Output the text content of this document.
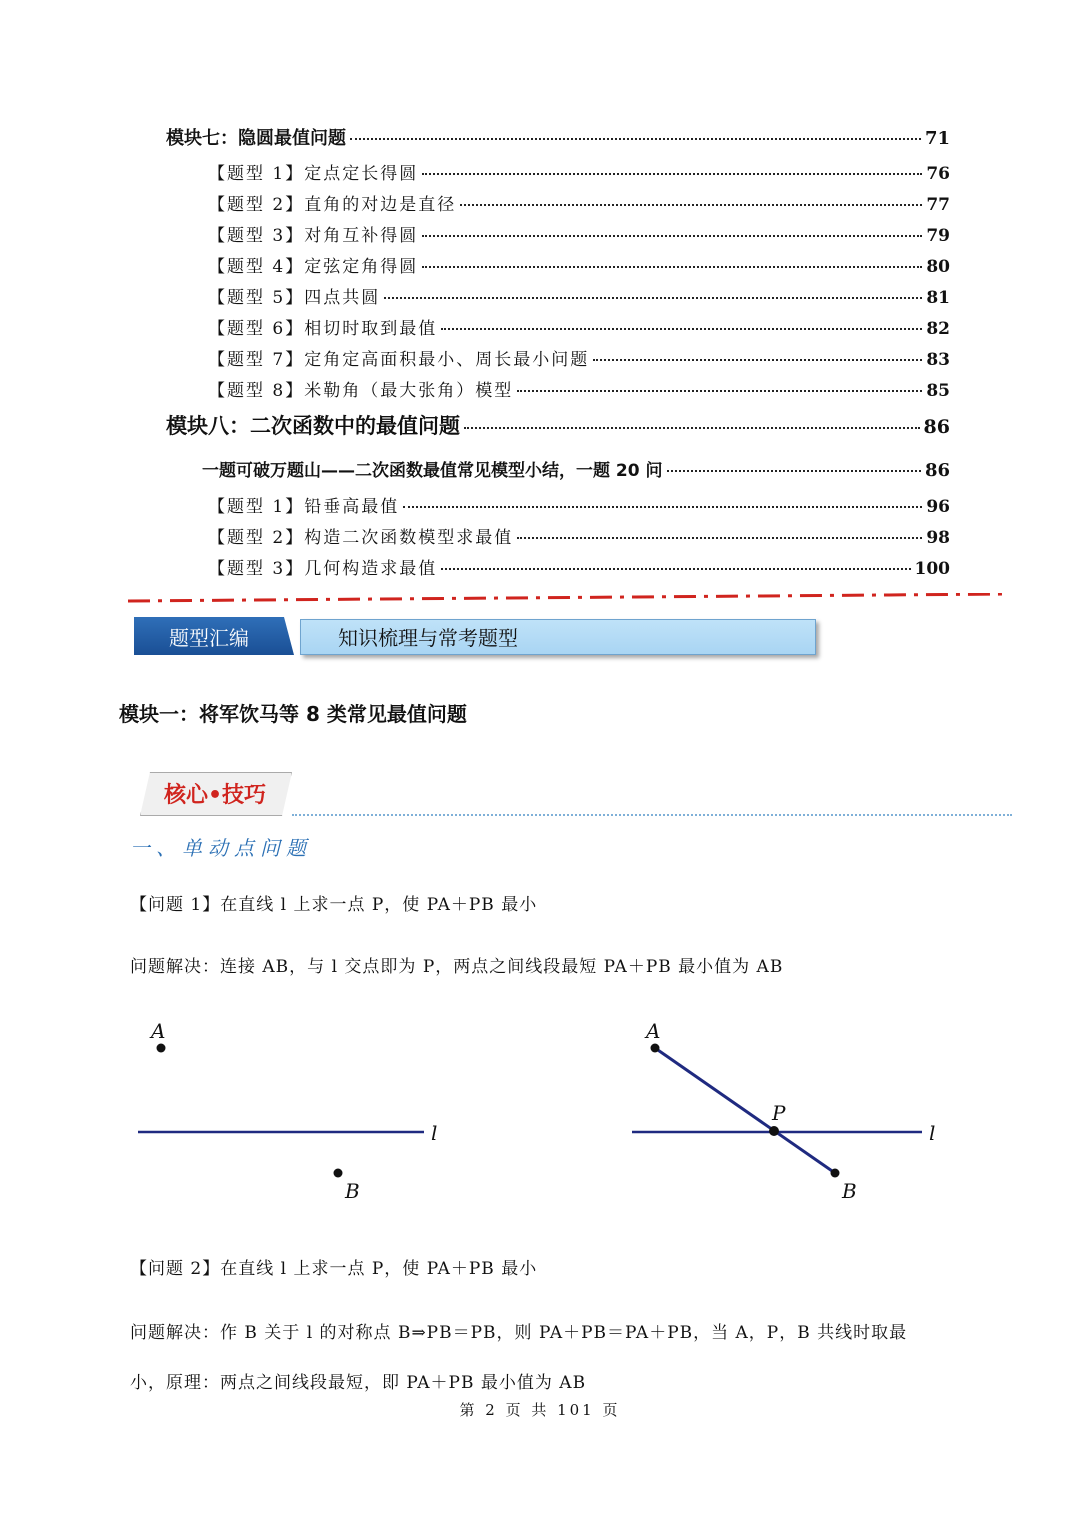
模块七：隐圆最值问题	71
【题型 1】定点定长得圆	76
【题型 2】直角的对边是直径	77
【题型 3】对角互补得圆	79
【题型 4】定弦定角得圆	80
【题型 5】四点共圆	81
【题型 6】相切时取到最值	82
【题型 7】定角定高面积最小、周长最小问题	83
【题型 8】米勒角（最大张角）模型	85
模块八：二次函数中的最值问题	86
一题可破万题山——二次函数最值常见模型小结，一题 20 问	86
【题型 1】铅垂高最值	96
【题型 2】构造二次函数模型求最值	98
【题型 3】几何构造求最值	100
题型汇编	知识梳理与常考题型
模块一：将军饮马等 8 类常见最值问题
核心•技巧
一、单动点问题
【问题 1】在直线 l 上求一点 P，使 PA＋PB 最小
问题解决：连接 AB，与 l 交点即为 P，两点之间线段最短 PA＋PB 最小值为 AB
A
B
l
A
P
B
l
【问题 2】在直线 l 上求一点 P，使 PA＋PB 最小
问题解决：作 B 关于 l 的对称点 B⇒PB＝PB，则 PA＋PB＝PA＋PB，当 A，P，B 共线时取最
小，原理：两点之间线段最短，即 PA＋PB 最小值为 AB
第 2 页 共 101 页
